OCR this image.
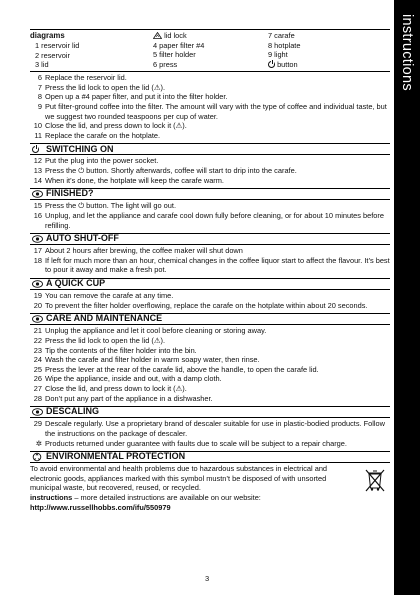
instructions
diagrams
1 reservoir lid
2 reservoir
3 lid
lid lock
4 paper filter #4
5 filter holder
6 press
7 carafe
8 hotplate
9 light
button
6 Replace the reservoir lid.
7 Press the lid lock to open the lid (⚠).
8 Open up a #4 paper filter, and put it into the filter holder.
9 Put filter-ground coffee into the filter. The amount will vary with the type of coffee and individual taste, but we suggest two rounded teaspoons per cup of water.
10 Close the lid, and press down to lock it (⚠).
11 Replace the carafe on the hotplate.
SWITCHING ON
12 Put the plug into the power socket.
13 Press the ⏻ button. Shortly afterwards, coffee will start to drip into the carafe.
14 When it’s done, the hotplate will keep the carafe warm.
FINISHED?
15 Press the ⏻ button. The light will go out.
16 Unplug, and let the appliance and carafe cool down fully before cleaning, or for about 10 minutes before refilling.
AUTO SHUT-OFF
17 About 2 hours after brewing, the coffee maker will shut down
18 If left for much more than an hour, chemical changes in the coffee liquor start to affect the flavour. It’s best to pour it away and make a fresh pot.
A QUICK CUP
19 You can remove the carafe at any time.
20 To prevent the filter holder overflowing, replace the carafe on the hotplate within about 20 seconds.
CARE AND MAINTENANCE
21 Unplug the appliance and let it cool before cleaning or storing away.
22 Press the lid lock to open the lid (⚠).
23 Tip the contents of the filter holder into the bin.
24 Wash the carafe and filter holder in warm soapy water, then rinse.
25 Press the lever at the rear of the carafe lid, above the handle, to open the carafe lid.
26 Wipe the appliance, inside and out, with a damp cloth.
27 Close the lid, and press down to lock it (⚠).
28 Don’t put any part of the appliance in a dishwasher.
DESCALING
29 Descale regularly. Use a proprietary brand of descaler suitable for use in plastic-bodied products. Follow the instructions on the package of descaler.
✲ Products returned under guarantee with faults due to scale will be subject to a repair charge.
ENVIRONMENTAL PROTECTION
To avoid environmental and health problems due to hazardous substances in electrical and electronic goods, appliances marked with this symbol mustn’t be disposed of with unsorted municipal waste, but recovered, reused, or recycled.
instructions – more detailed instructions are available on our website:
http://www.russellhobbs.com/ifu/550979
3
